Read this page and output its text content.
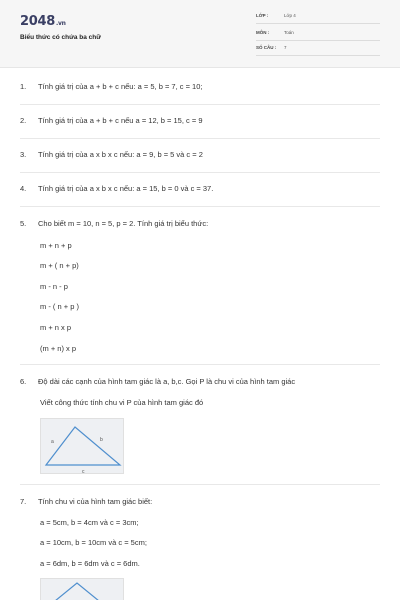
2048.vn
Biểu thức có chứa ba chữ
LỚP :	Lớp 4
MÔN :	Toán
SỐ CÂU : 7
1.	Tính giá trị của a + b + c nếu: a = 5, b = 7, c = 10;
2.	Tính giá trị của a + b + c nếu a = 12, b = 15, c = 9
3.	Tính giá trị của a x b x c nếu: a = 9, b = 5 và c = 2
4.	Tính giá trị của a x b x c nếu: a = 15, b = 0 và c = 37.
5.	Cho biết m = 10, n = 5, p = 2. Tính giá trị biểu thức:
m + n + p
m + ( n + p)
m - n - p
m - ( n + p )
m + n x p
(m + n) x p
6.	Độ dài các cạnh của hình tam giác là a, b,c. Gọi P là chu vi của hình tam giác
Viết công thức tính chu vi P của hình tam giác đó
a	b
c
7.	Tính chu vi của hình tam giác biết:
a = 5cm, b = 4cm và c = 3cm;
a = 10cm, b = 10cm và c = 5cm;
a = 6dm, b = 6dm và c = 6dm.
